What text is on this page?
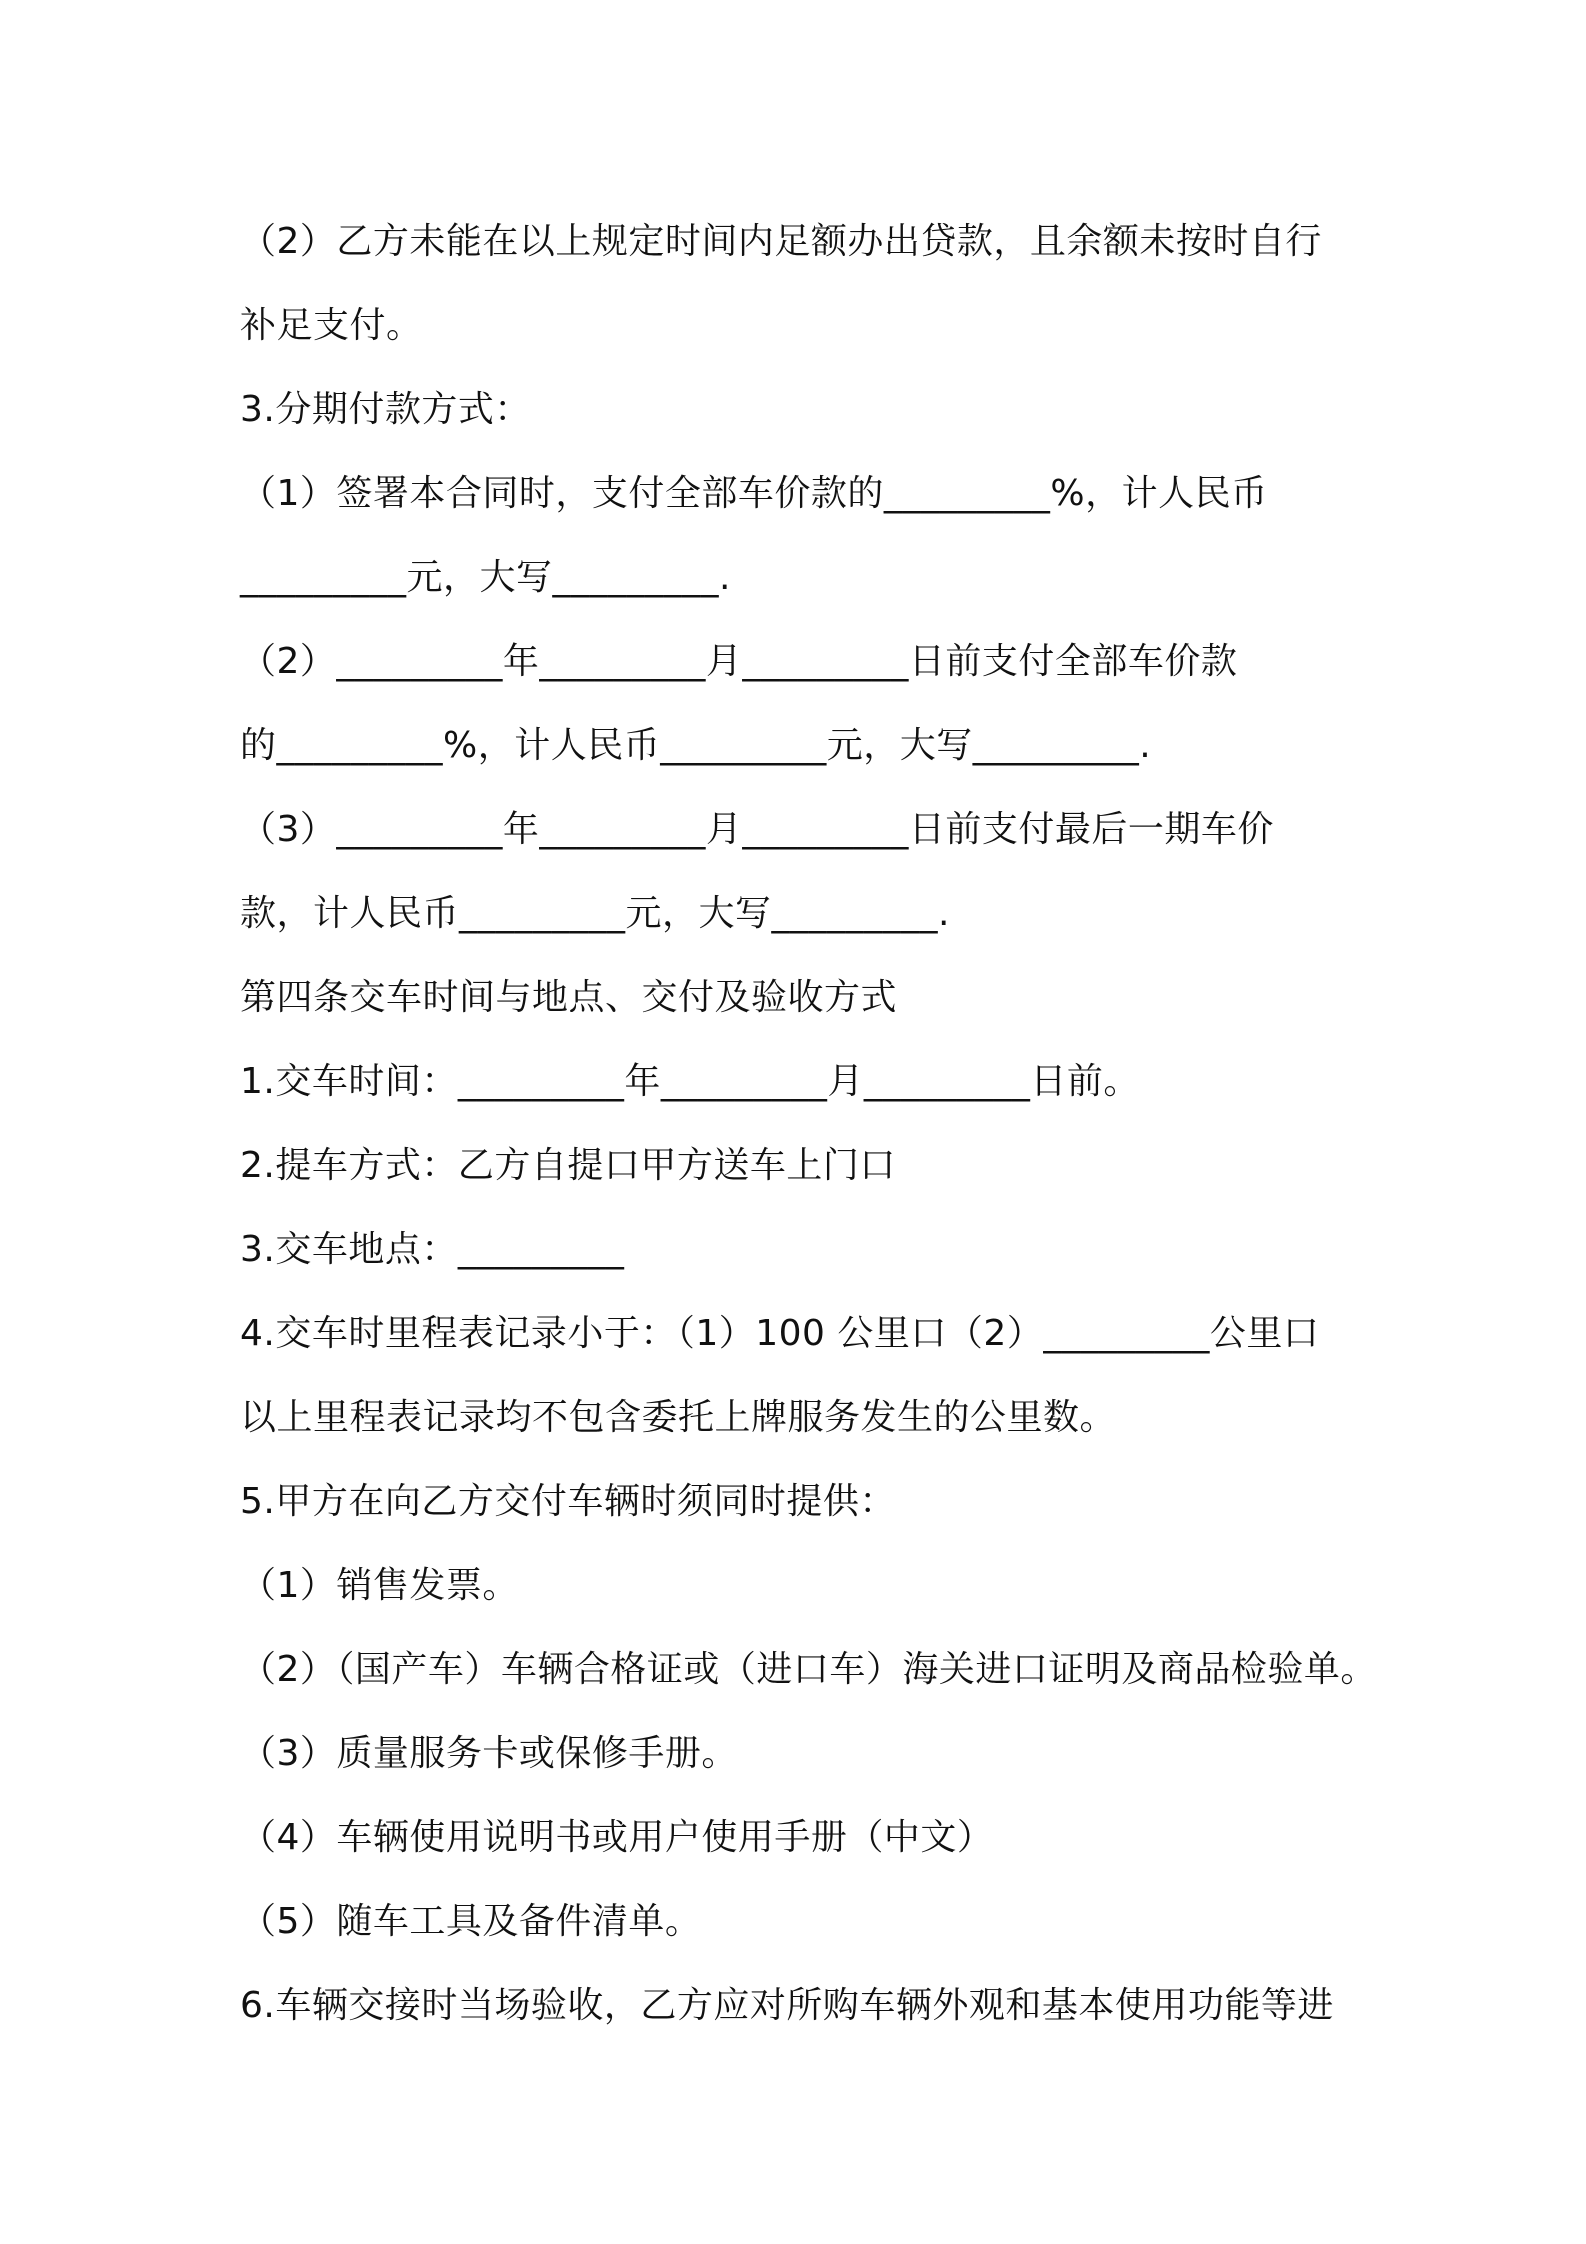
（2）乙方未能在以上规定时间内足额办出贷款，且余额未按时自行
补足支付。
3.分期付款方式：
（1）签署本合同时，支付全部车价款的_________%，计人民币
_________元，大写_________.
（2）_________年_________月_________日前支付全部车价款
的_________%，计人民币_________元，大写_________.
（3）_________年_________月_________日前支付最后一期车价
款，计人民币_________元，大写_________.
第四条交车时间与地点、交付及验收方式
1.交车时间：_________年_________月_________日前。
2.提车方式：乙方自提口甲方送车上门口
3.交车地点：_________
4.交车时里程表记录小于：（1）100 公里口（2）_________公里口
以上里程表记录均不包含委托上牌服务发生的公里数。
5.甲方在向乙方交付车辆时须同时提供：
（1）销售发票。
（2）（国产车）车辆合格证或（进口车）海关进口证明及商品检验单。
（3）质量服务卡或保修手册。
（4）车辆使用说明书或用户使用手册（中文）
（5）随车工具及备件清单。
6.车辆交接时当场验收，乙方应对所购车辆外观和基本使用功能等进
